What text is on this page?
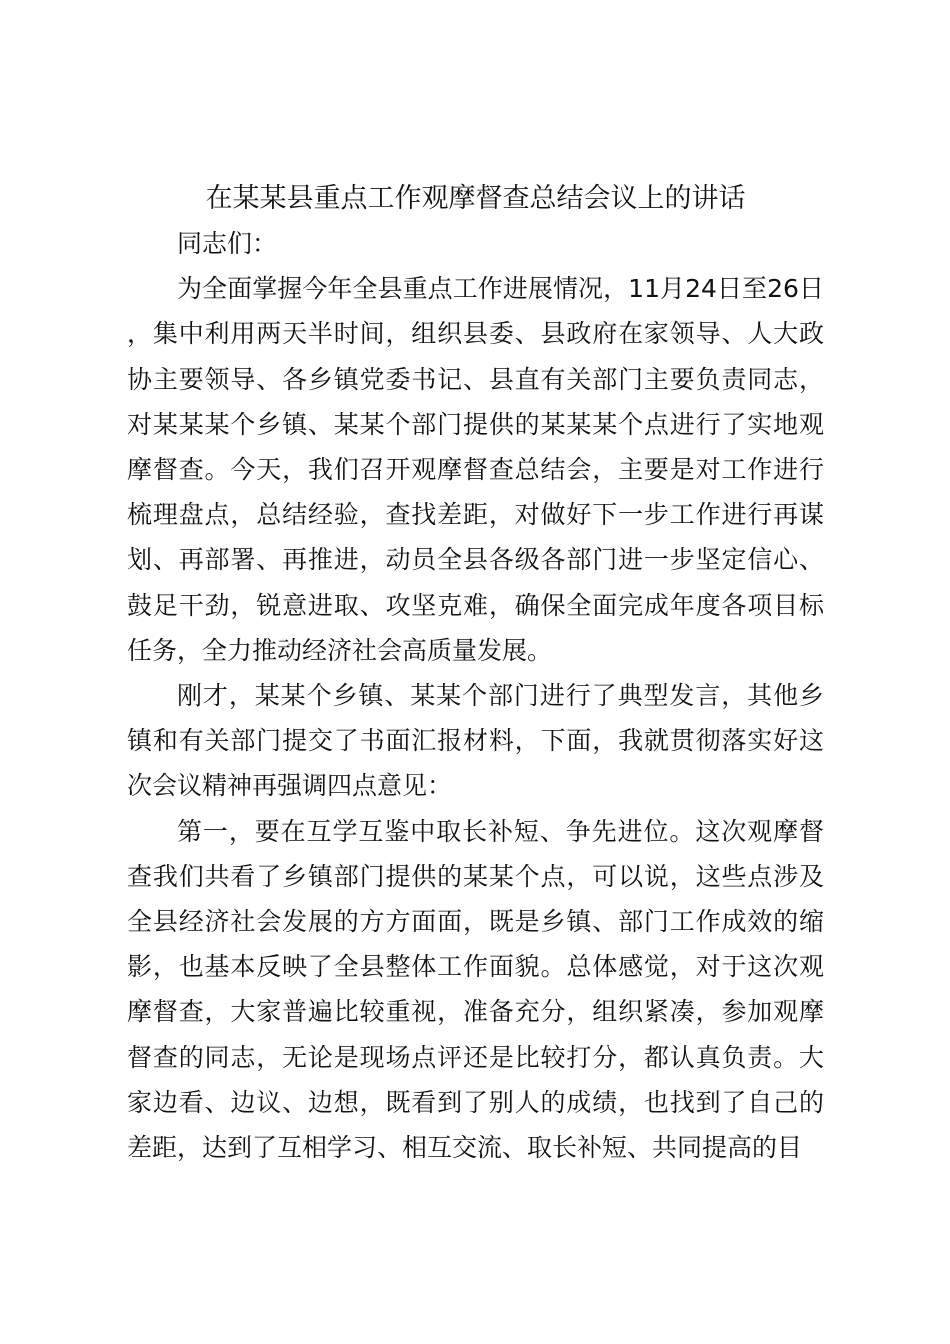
在某某县重点工作观摩督查总结会议上的讲话

同志们：

为全面掌握今年全县重点工作进展情况，11月24日至26日，集中利用两天半时间，组织县委、县政府在家领导、人大政协主要领导、各乡镇党委书记、县直有关部门主要负责同志，对某某某个乡镇、某某个部门提供的某某某个点进行了实地观摩督查。今天，我们召开观摩督查总结会，主要是对工作进行梳理盘点，总结经验，查找差距，对做好下一步工作进行再谋划、再部署、再推进，动员全县各级各部门进一步坚定信心、鼓足干劲，锐意进取、攻坚克难，确保全面完成年度各项目标任务，全力推动经济社会高质量发展。

刚才，某某个乡镇、某某个部门进行了典型发言，其他乡镇和有关部门提交了书面汇报材料，下面，我就贯彻落实好这次会议精神再强调四点意见：

第一，要在互学互鉴中取长补短、争先进位。这次观摩督查我们共看了乡镇部门提供的某某个点，可以说，这些点涉及全县经济社会发展的方方面面，既是乡镇、部门工作成效的缩影，也基本反映了全县整体工作面貌。总体感觉，对于这次观摩督查，大家普遍比较重视，准备充分，组织紧凑，参加观摩督查的同志，无论是现场点评还是比较打分，都认真负责。大家边看、边议、边想，既看到了别人的成绩，也找到了自己的差距，达到了互相学习、相互交流、取长补短、共同提高的目
